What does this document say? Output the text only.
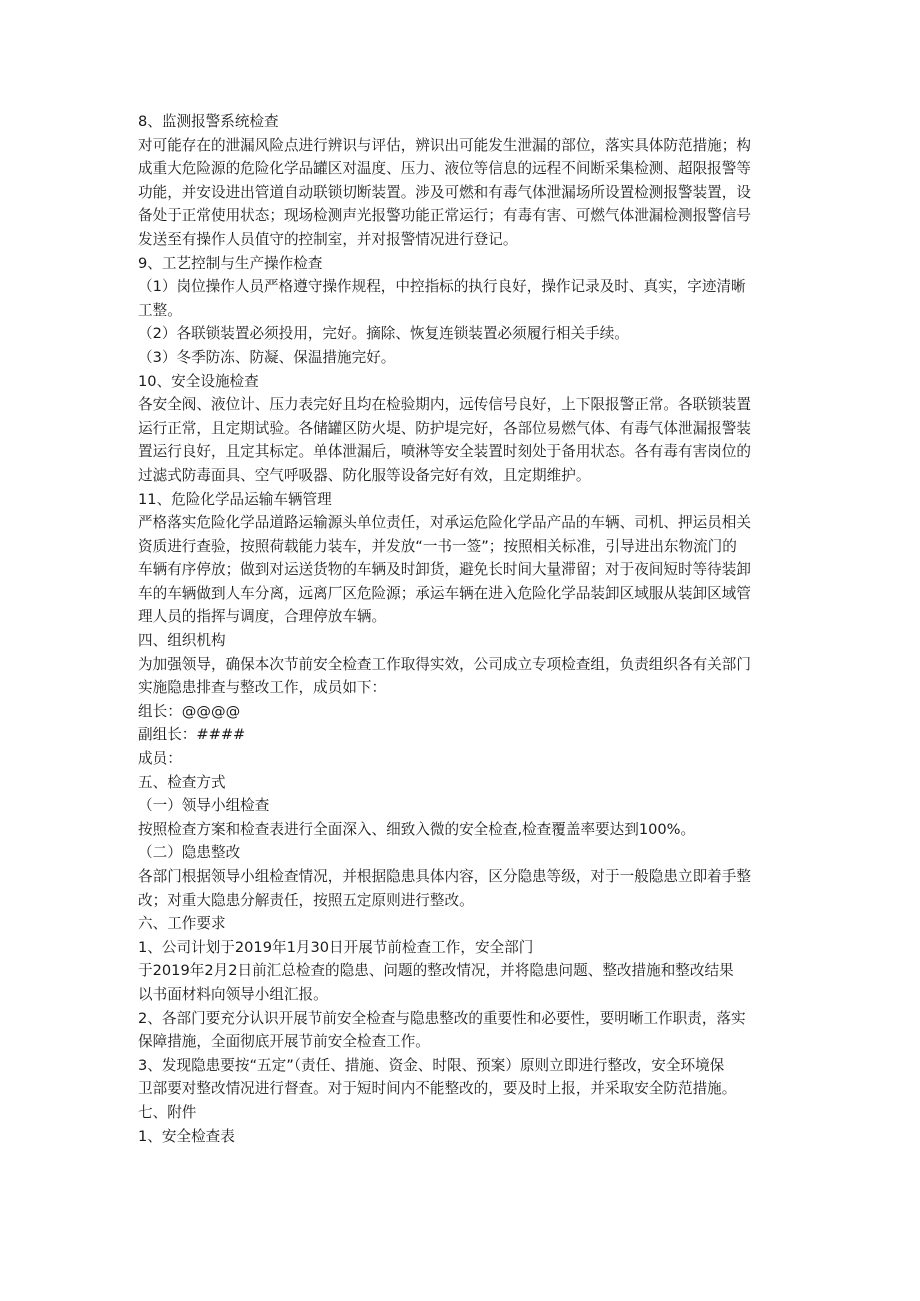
8、监测报警系统检查
对可能存在的泄漏风险点进行辨识与评估，辨识出可能发生泄漏的部位，落实具体防范措施；构
成重大危险源的危险化学品罐区对温度、压力、液位等信息的远程不间断采集检测、超限报警等
功能，并安设进出管道自动联锁切断装置。涉及可燃和有毒气体泄漏场所设置检测报警装置，设
备处于正常使用状态；现场检测声光报警功能正常运行；有毒有害、可燃气体泄漏检测报警信号
发送至有操作人员值守的控制室，并对报警情况进行登记。
9、工艺控制与生产操作检查
（1）岗位操作人员严格遵守操作规程，中控指标的执行良好，操作记录及时、真实，字迹清晰
工整。
（2）各联锁装置必须投用，完好。摘除、恢复连锁装置必须履行相关手续。
（3）冬季防冻、防凝、保温措施完好。
10、安全设施检查
各安全阀、液位计、压力表完好且均在检验期内，远传信号良好，上下限报警正常。各联锁装置
运行正常，且定期试验。各储罐区防火堤、防护堤完好，各部位易燃气体、有毒气体泄漏报警装
置运行良好，且定其标定。单体泄漏后，喷淋等安全装置时刻处于备用状态。各有毒有害岗位的
过滤式防毒面具、空气呼吸器、防化服等设备完好有效，且定期维护。
11、危险化学品运输车辆管理
严格落实危险化学品道路运输源头单位责任，对承运危险化学品产品的车辆、司机、押运员相关
资质进行查验，按照荷载能力装车，并发放“一书一签”；按照相关标准，引导进出东物流门的
车辆有序停放；做到对运送货物的车辆及时卸货，避免长时间大量滞留；对于夜间短时等待装卸
车的车辆做到人车分离，远离厂区危险源；承运车辆在进入危险化学品装卸区域服从装卸区域管
理人员的指挥与调度，合理停放车辆。
四、组织机构
为加强领导，确保本次节前安全检查工作取得实效，公司成立专项检查组，负责组织各有关部门
实施隐患排查与整改工作，成员如下：
组长：@@@@
副组长：####
成员：
五、检查方式
（一）领导小组检查
按照检查方案和检查表进行全面深入、细致入微的安全检查,检查覆盖率要达到100%。
（二）隐患整改
各部门根据领导小组检查情况，并根据隐患具体内容，区分隐患等级，对于一般隐患立即着手整
改；对重大隐患分解责任，按照五定原则进行整改。
六、工作要求
1、公司计划于2019年1月30日开展节前检查工作，安全部门
于2019年2月2日前汇总检查的隐患、问题的整改情况，并将隐患问题、整改措施和整改结果
以书面材料向领导小组汇报。
2、各部门要充分认识开展节前安全检查与隐患整改的重要性和必要性，要明晰工作职责，落实
保障措施，全面彻底开展节前安全检查工作。
3、发现隐患要按“五定”（责任、措施、资金、时限、预案）原则立即进行整改，安全环境保
卫部要对整改情况进行督查。对于短时间内不能整改的，要及时上报，并采取安全防范措施。
七、附件
1、安全检查表
